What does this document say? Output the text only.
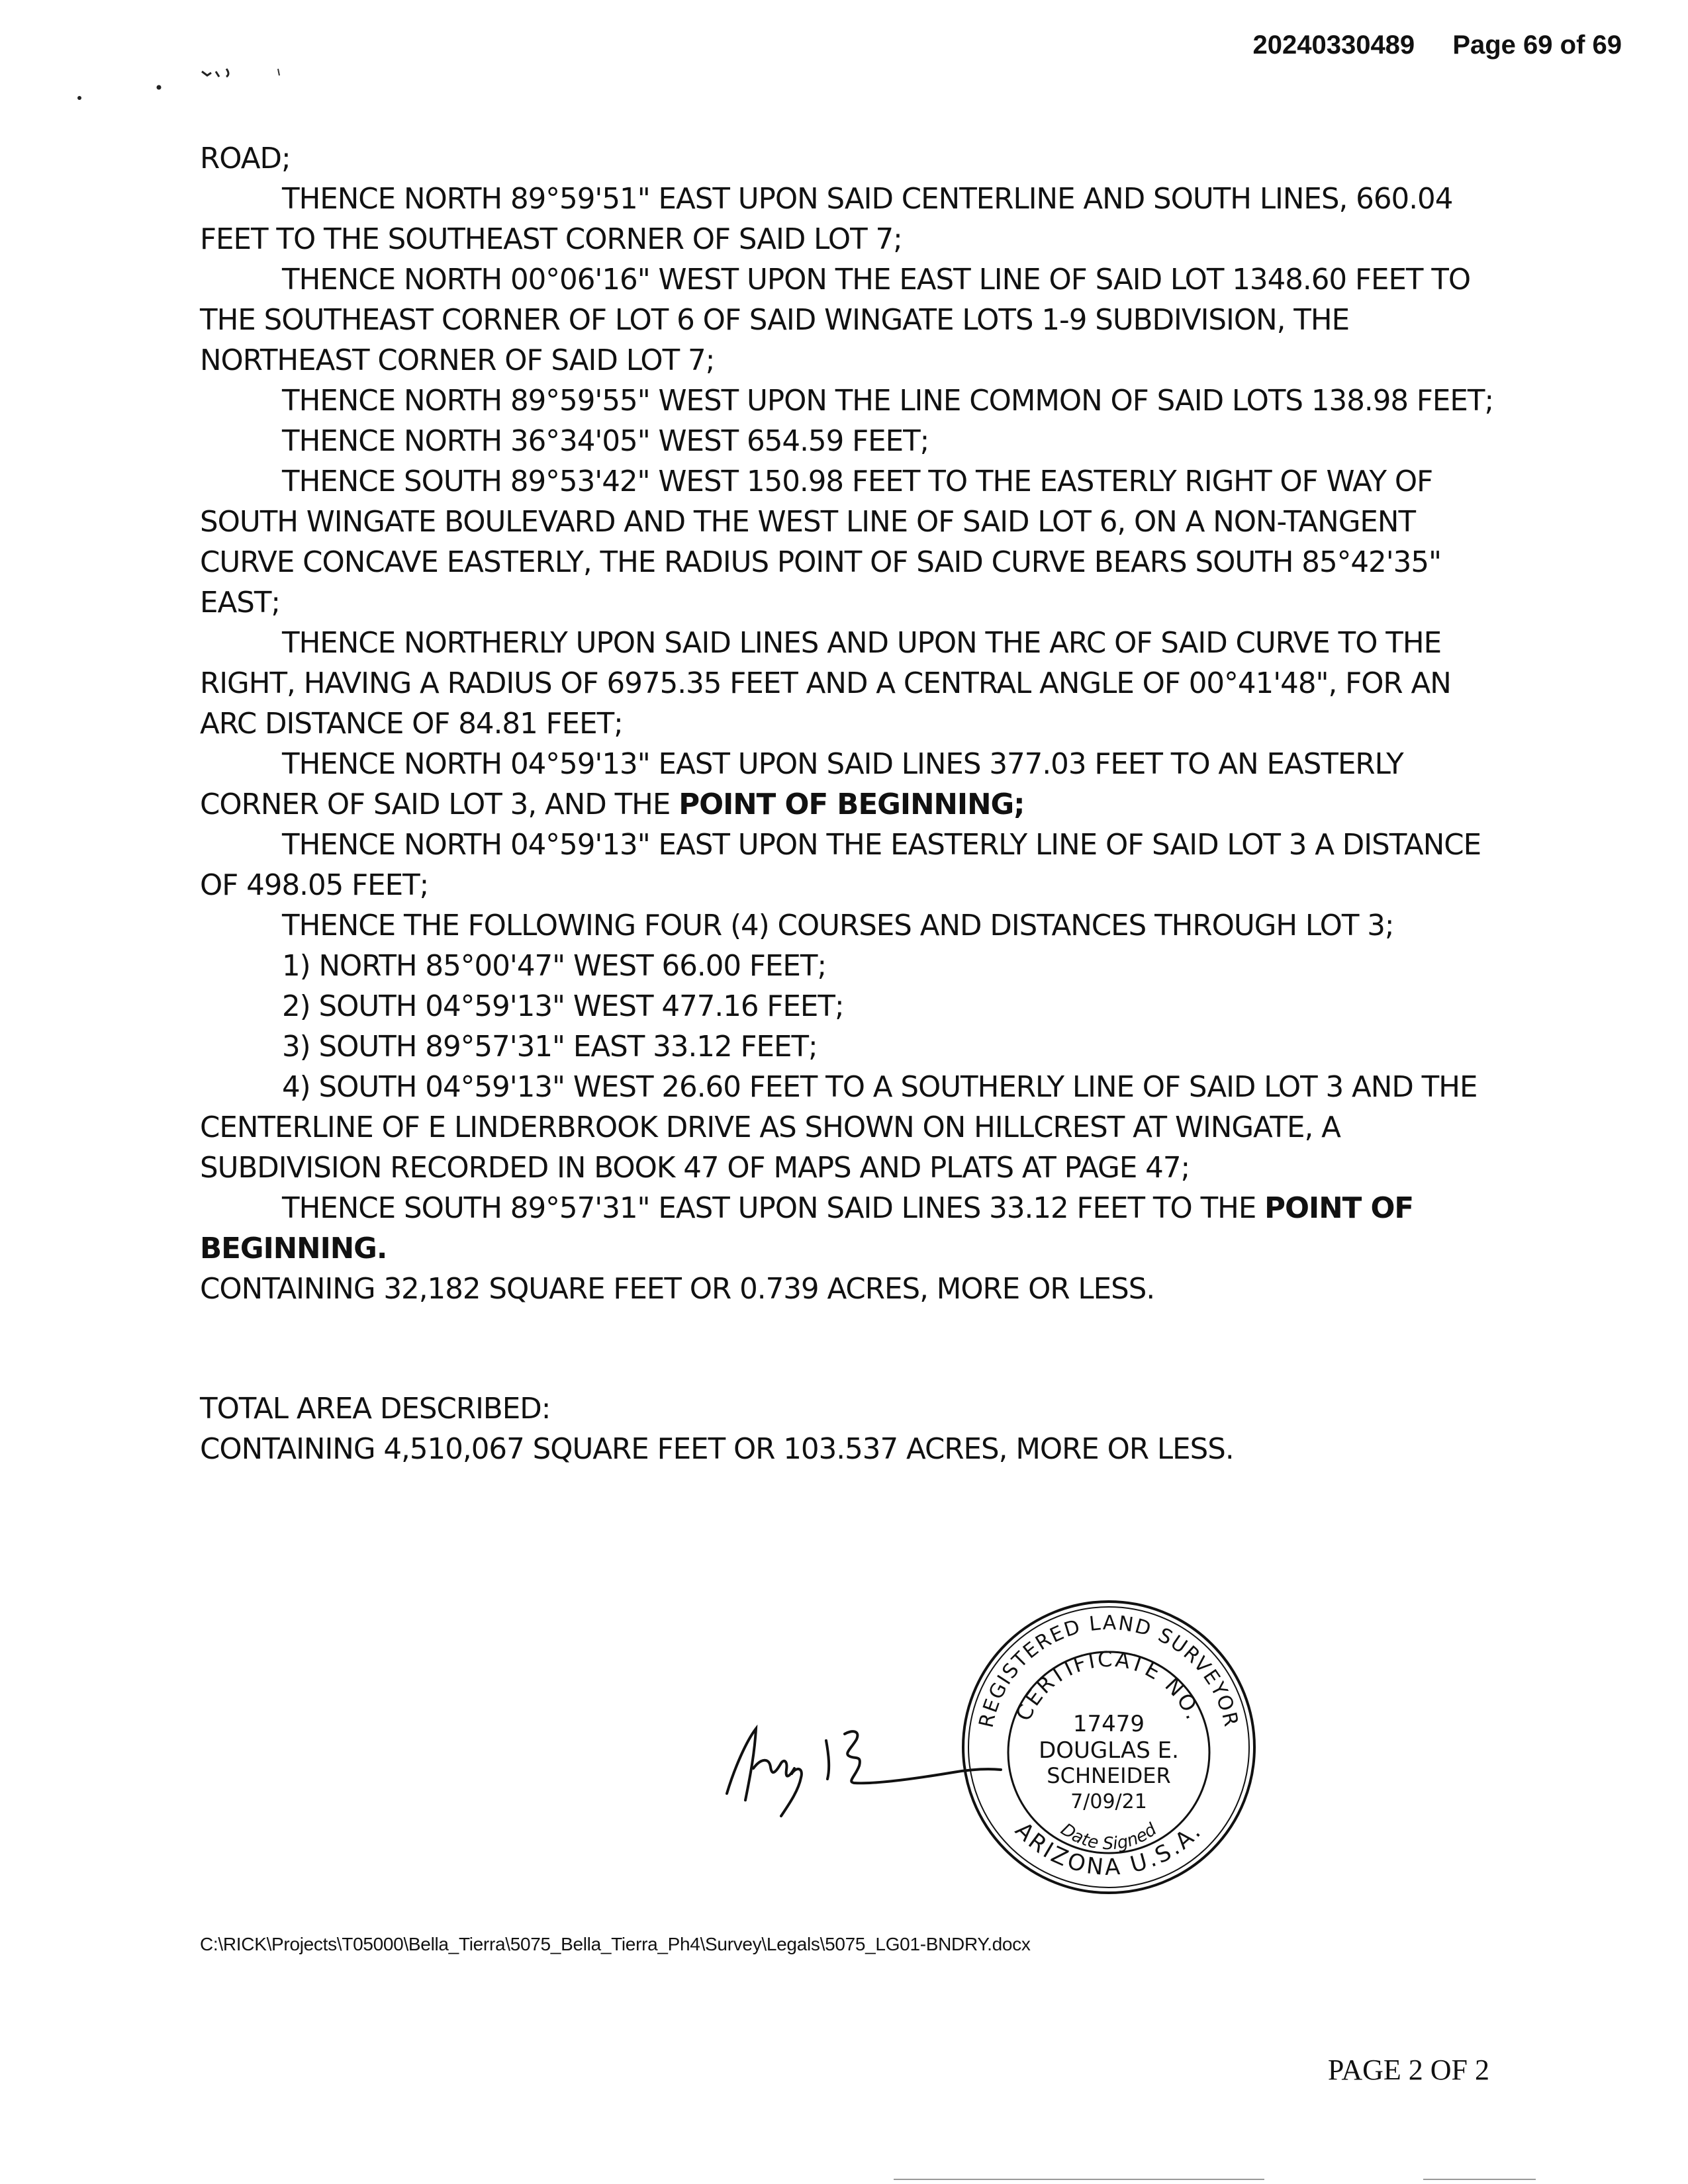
20240330489 Page 69 of 69

ROAD;

THENCE NORTH 89°59'51" EAST UPON SAID CENTERLINE AND SOUTH LINES, 660.04 FEET TO THE SOUTHEAST CORNER OF SAID LOT 7;

THENCE NORTH 00°06'16" WEST UPON THE EAST LINE OF SAID LOT 1348.60 FEET TO THE SOUTHEAST CORNER OF LOT 6 OF SAID WINGATE LOTS 1-9 SUBDIVISION, THE NORTHEAST CORNER OF SAID LOT 7;

THENCE NORTH 89°59'55" WEST UPON THE LINE COMMON OF SAID LOTS 138.98 FEET;

THENCE NORTH 36°34'05" WEST 654.59 FEET;

THENCE SOUTH 89°53'42" WEST 150.98 FEET TO THE EASTERLY RIGHT OF WAY OF SOUTH WINGATE BOULEVARD AND THE WEST LINE OF SAID LOT 6, ON A NON-TANGENT CURVE CONCAVE EASTERLY, THE RADIUS POINT OF SAID CURVE BEARS SOUTH 85°42'35" EAST;

THENCE NORTHERLY UPON SAID LINES AND UPON THE ARC OF SAID CURVE TO THE RIGHT, HAVING A RADIUS OF 6975.35 FEET AND A CENTRAL ANGLE OF 00°41'48", FOR AN ARC DISTANCE OF 84.81 FEET;

THENCE NORTH 04°59'13" EAST UPON SAID LINES 377.03 FEET TO AN EASTERLY CORNER OF SAID LOT 3, AND THE POINT OF BEGINNING;

THENCE NORTH 04°59'13" EAST UPON THE EASTERLY LINE OF SAID LOT 3 A DISTANCE OF 498.05 FEET;

THENCE THE FOLLOWING FOUR (4) COURSES AND DISTANCES THROUGH LOT 3;

1) NORTH 85°00'47" WEST 66.00 FEET;

2) SOUTH 04°59'13" WEST 477.16 FEET;

3) SOUTH 89°57'31" EAST 33.12 FEET;

4) SOUTH 04°59'13" WEST 26.60 FEET TO A SOUTHERLY LINE OF SAID LOT 3 AND THE CENTERLINE OF E LINDERBROOK DRIVE AS SHOWN ON HILLCREST AT WINGATE, A SUBDIVISION RECORDED IN BOOK 47 OF MAPS AND PLATS AT PAGE 47;

THENCE SOUTH 89°57'31" EAST UPON SAID LINES 33.12 FEET TO THE POINT OF BEGINNING.

CONTAINING 32,182 SQUARE FEET OR 0.739 ACRES, MORE OR LESS.

TOTAL AREA DESCRIBED:

CONTAINING 4,510,067 SQUARE FEET OR 103.537 ACRES, MORE OR LESS.

REGISTERED LAND SURVEYOR
CERTIFICATE NO.
17479
DOUGLAS E.
SCHNEIDER
7/09/21
Date Signed
ARIZONA U.S.A.
C:\RICK\Projects\T05000\Bella_Tierra\5075_Bella_Tierra_Ph4\Survey\Legals\5075_LG01-BNDRY.docx
PAGE 2 OF 2
